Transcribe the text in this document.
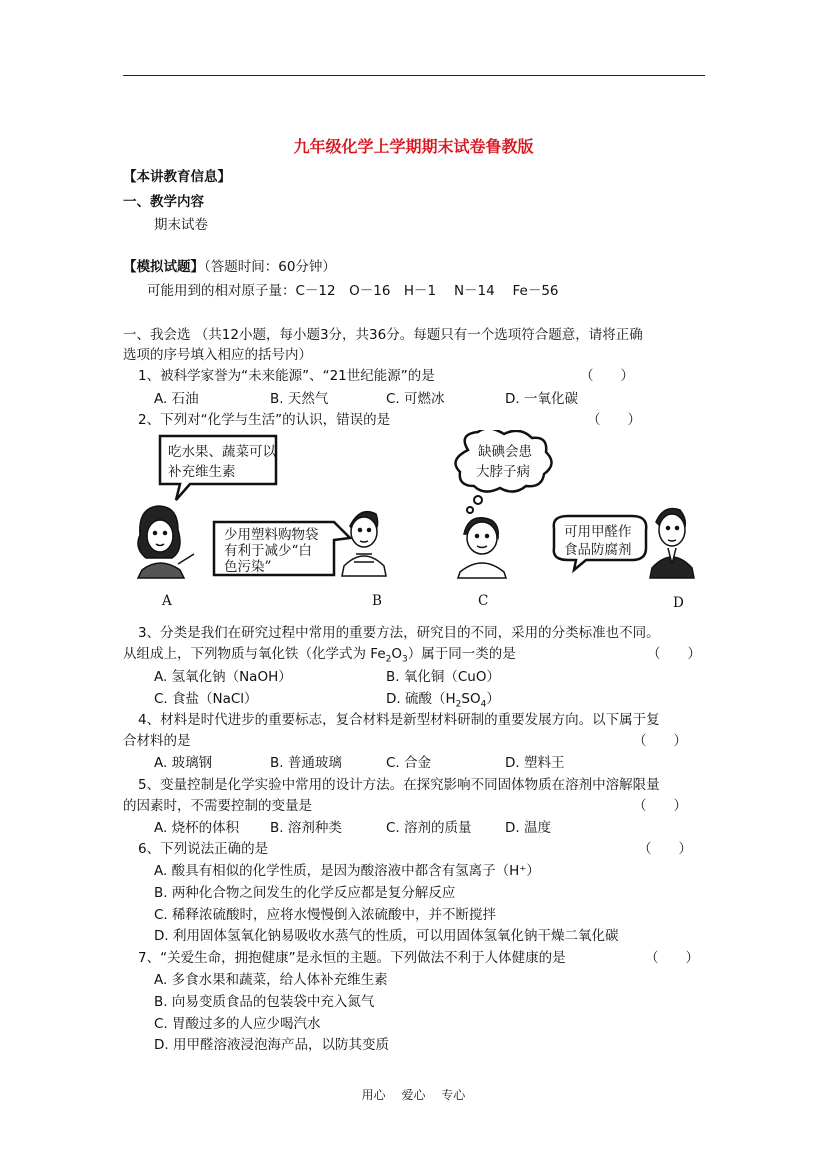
九年级化学上学期期末试卷鲁教版
【本讲教育信息】
一、教学内容
期末试卷
【模拟试题】（答题时间：60分钟）
可能用到的相对原子量：C－12　O－16　H－1　 N－14　 Fe－56
一、我会选 （共12小题，每小题3分，共36分。每题只有一个选项符合题意，请将正确
选项的序号填入相应的括号内）
1、被科学家誉为“未来能源”、“21世纪能源”的是	（　　）
A. 石油	B. 天然气	C. 可燃冰	D. 一氧化碳
2、下列对“化学与生活”的认识，错误的是	（　　）
吃水果、蔬菜可以
补充维生素
A
少用塑料购物袋
有利于减少“白
色污染”
B
缺碘会患
大脖子病
C
可用甲醛作
食品防腐剂
D
3、分类是我们在研究过程中常用的重要方法，研究目的不同，采用的分类标准也不同。
从组成上，下列物质与氧化铁（化学式为 $Fe_2O_3$）属于同一类的是	（　　）
A. 氢氧化钠（NaOH）	B. 氧化铜（CuO）
C. 食盐（NaCl）	D. 硫酸$(H_2SO_4)$
4、材料是时代进步的重要标志，复合材料是新型材料研制的重要发展方向。以下属于复
合材料的是	（　　）
A. 玻璃钢	B. 普通玻璃	C. 合金	D. 塑料王
5、变量控制是化学实验中常用的设计方法。在探究影响不同固体物质在溶剂中溶解限量
的因素时，不需要控制的变量是	（　　）
A. 烧杯的体积 B. 溶剂种类	C. 溶剂的质量 D. 温度
6、下列说法正确的是	（　　）
A. 酸具有相似的化学性质，是因为酸溶液中都含有氢离子（H⁺）
B. 两种化合物之间发生的化学反应都是复分解反应
C. 稀释浓硫酸时，应将水慢慢倒入浓硫酸中，并不断搅拌
D. 利用固体氢氧化钠易吸收水蒸气的性质，可以用固体氢氧化钠干燥二氧化碳
7、“关爱生命，拥抱健康”是永恒的主题。下列做法不利于人体健康的是	（　　）
A. 多食水果和蔬菜，给人体补充维生素
B. 向易变质食品的包装袋中充入氮气
C. 胃酸过多的人应少喝汽水
D. 用甲醛溶液浸泡海产品，以防其变质
用心　 爱心　 专心
